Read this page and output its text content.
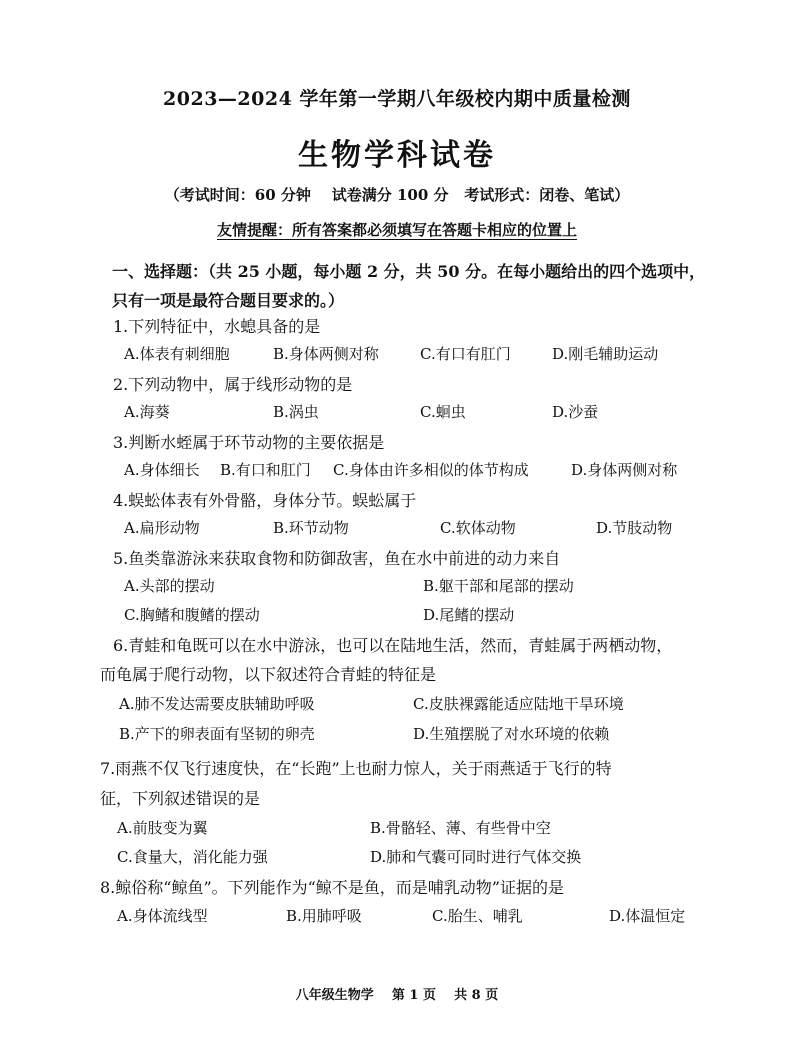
2023—2024 学年第一学期八年级校内期中质量检测
生物学科试卷
（考试时间：60 分钟    试卷满分 100 分   考试形式：闭卷、笔试）
友情提醒：所有答案都必须填写在答题卡相应的位置上
一、选择题：（共 25 小题，每小题 2 分，共 50 分。在每小题给出的四个选项中，只有一项是最符合题目要求的。）
1.下列特征中，水螅具备的是
A.体表有刺细胞	B.身体两侧对称	C.有口有肛门	D.刚毛辅助运动
2.下列动物中，属于线形动物的是
A.海葵	B.涡虫	C.蛔虫	D.沙蚕
3.判断水蛭属于环节动物的主要依据是
A.身体细长 B.有口和肛门 C.身体由许多相似的体节构成	D.身体两侧对称
4.蜈蚣体表有外骨骼，身体分节。蜈蚣属于
A.扁形动物	B.环节动物	C.软体动物	D.节肢动物
5.鱼类靠游泳来获取食物和防御敌害，鱼在水中前进的动力来自
A.头部的摆动	B.躯干部和尾部的摆动
C.胸鳍和腹鳍的摆动	D.尾鳍的摆动
6.青蛙和龟既可以在水中游泳，也可以在陆地生活，然而，青蛙属于两栖动物，
而龟属于爬行动物，以下叙述符合青蛙的特征是
A.肺不发达需要皮肤辅助呼吸	C.皮肤裸露能适应陆地干旱环境
B.产下的卵表面有坚韧的卵壳	D.生殖摆脱了对水环境的依赖
7.雨燕不仅飞行速度快，在“长跑”上也耐力惊人，关于雨燕适于飞行的特
征，下列叙述错误的是
A.前肢变为翼	B.骨骼轻、薄、有些骨中空
C.食量大，消化能力强	D.肺和气囊可同时进行气体交换
8.鲸俗称“鲸鱼”。下列能作为“鲸不是鱼，而是哺乳动物”证据的是
A.身体流线型	B.用肺呼吸	C.胎生、哺乳	D.体温恒定
八年级生物学    第 1 页    共 8 页
